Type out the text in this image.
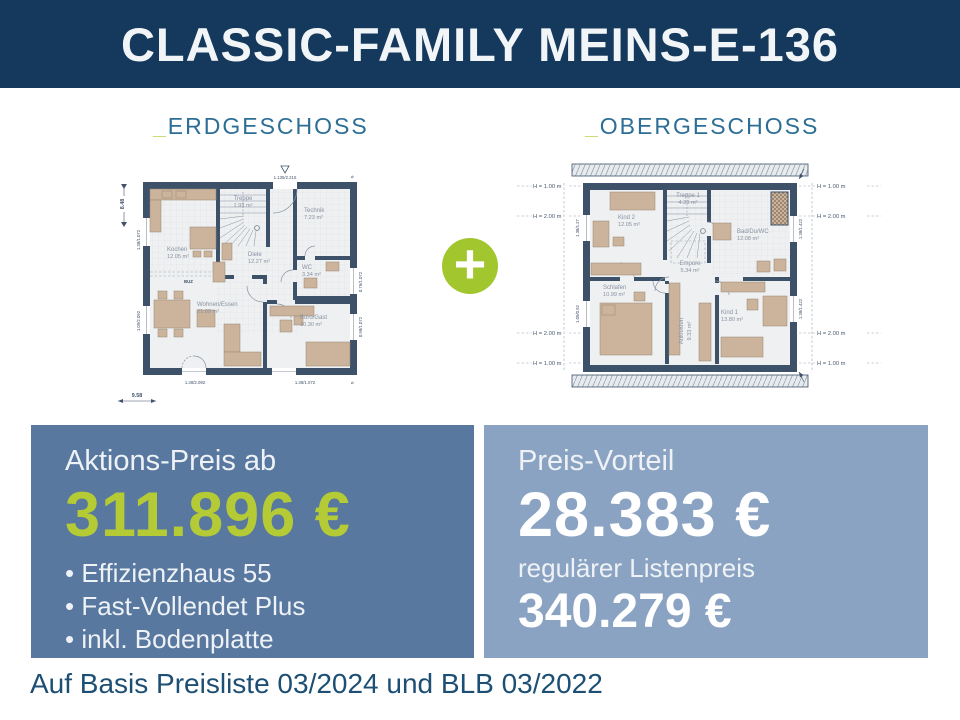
CLASSIC-FAMILY MEINS-E-136
_ERDGESCHOSS	_OBERGESCHOSS
Kochen
12.05 m²
Treppe
1.93 m²
Technik
7.23 m²
Diele
12.27 m²
WC
3.34 m²
Wohnen/Essen
21.09 m²
Büro/Gast
10.30 m²
1.135/2.215
8.48
1.38/1.072
1.09/2.092
0.76/1.072
0.98/1.072
1.38/2.092	1.38/1.072
9.58
BUZ
⌀
⌀
+
Treppe 1
4.39 m²
Kind 2
12.05 m²
Bad/Du/WC
12.08 m²
Empore
5.34 m²
Schlafen
10.99 m²
Ankleiden 9.33 m²
Kind 1
13.80 m²
H = 1.00 m
H = 2.00 m
H = 2.00 m
H = 1.00 m
H = 1.00 m
H = 2.00 m
H = 2.00 m
H = 1.00 m
1.38/1.27
1.09/0.92
1.38/1.422
1.38/1.422
Aktions-Preis ab
311.896 €
• Effizienzhaus 55
• Fast-Vollendet Plus
• inkl. Bodenplatte
Preis-Vorteil
28.383 €
regulärer Listenpreis
340.279 €
Auf Basis Preisliste 03/2024 und BLB 03/2022
